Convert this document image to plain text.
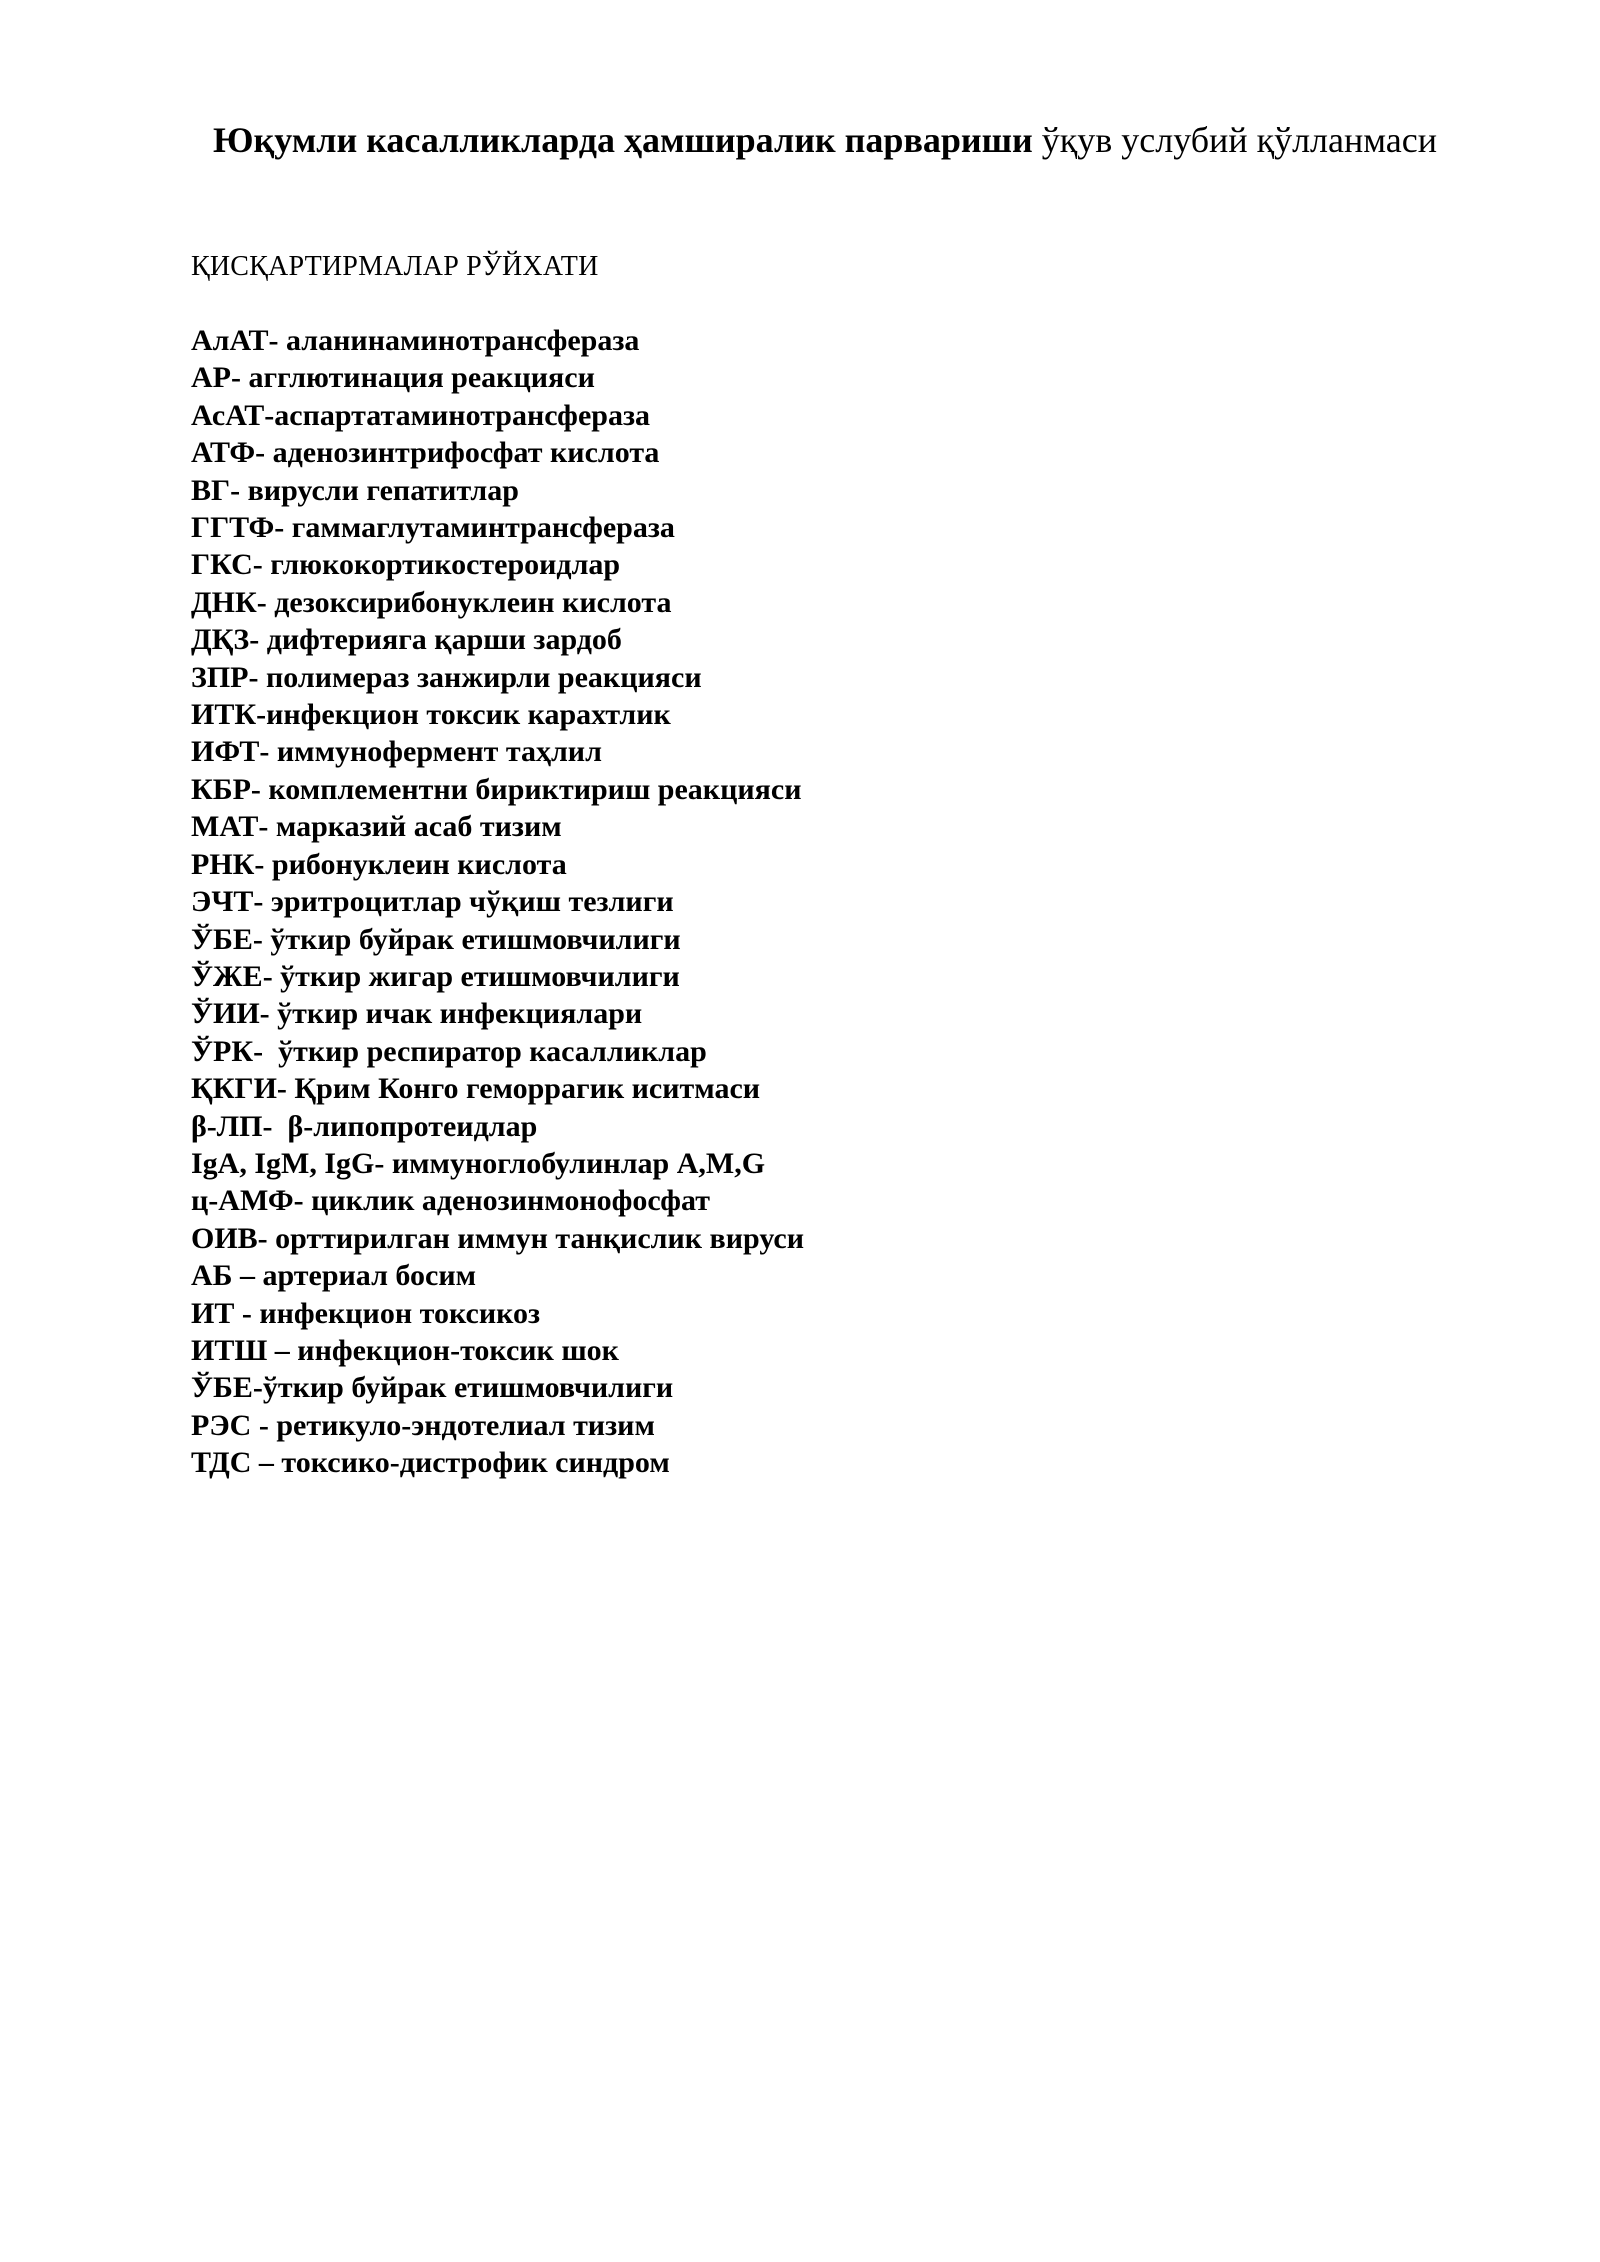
Юқумли касалликларда ҳамширалик парвариши ўқув услубий қўлланмаси
ҚИСҚАРТИРМАЛАР РЎЙХАТИ
АлАТ- аланинаминотрансфераза
АР- агглютинация реакцияси
АсАТ-аспартатаминотрансфераза
АТФ- аденозинтрифосфат кислота
ВГ- вирусли гепатитлар
ГГТФ- гаммаглутаминтрансфераза
ГКС- глюкокортикостероидлар
ДНК- дезоксирибонуклеин кислота
ДҚЗ- дифтерияга қарши зардоб
ЗПР- полимераз занжирли реакцияси
ИТК-инфекцион токсик карахтлик
ИФТ- иммунофермент таҳлил
КБР- комплементни бириктириш реакцияси
МАТ- марказий асаб тизим
РНК- рибонуклеин кислота
ЭЧТ- эритроцитлар чўқиш тезлиги
ЎБЕ- ўткир буйрак етишмовчилиги
ЎЖЕ- ўткир жигар етишмовчилиги
ЎИИ- ўткир ичак инфекциялари
ЎРК-  ўткир респиратор касалликлар
ҚКГИ- Қрим Конго геморрагик иситмаси
β-ЛП-  β-липопротеидлар
IgA, IgM, IgG- иммуноглобулинлар A,M,G
ц-АМФ- циклик аденозинмонофосфат
ОИВ- орттирилган иммун танқислик вируси
АБ – артериал босим
ИТ - инфекцион токсикоз
ИТШ – инфекцион-токсик шок
ЎБЕ-ўткир буйрак етишмовчилиги
РЭС - ретикуло-эндотелиал тизим
ТДС – токсико-дистрофик синдром
